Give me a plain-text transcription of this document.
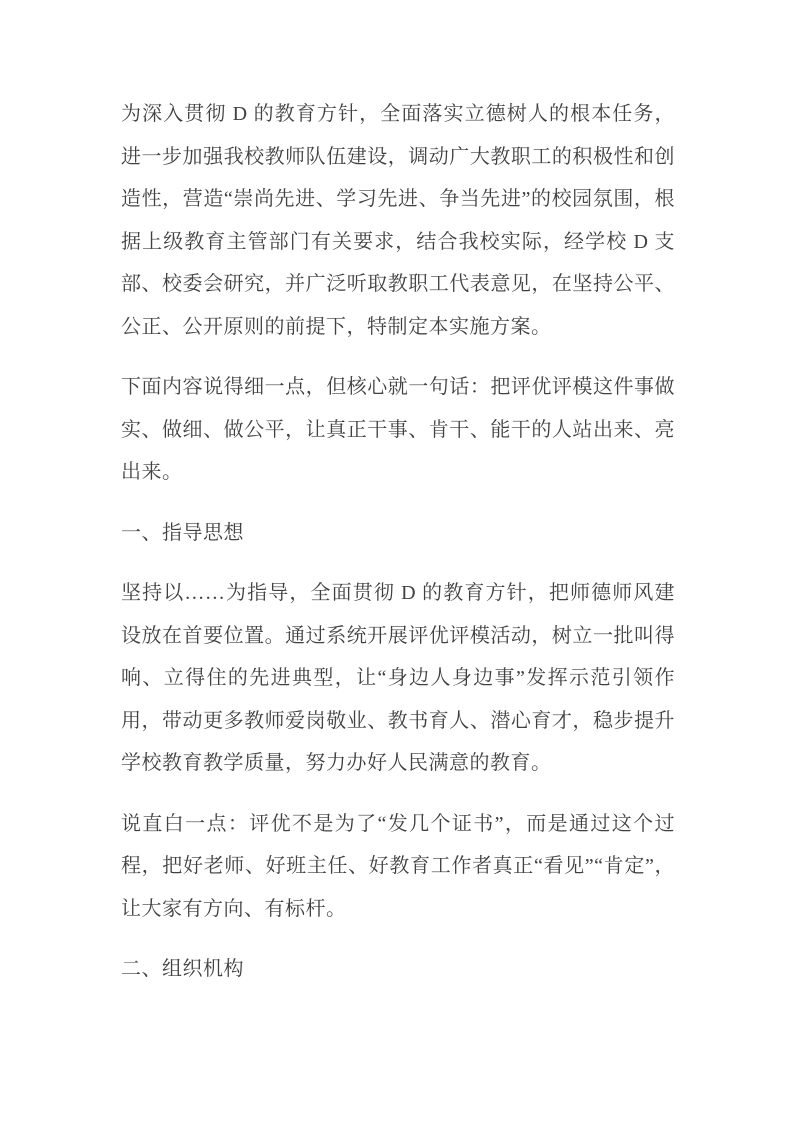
为深入贯彻 D 的教育方针，全面落实立德树人的根本任务，进一步加强我校教师队伍建设，调动广大教职工的积极性和创造性，营造“崇尚先进、学习先进、争当先进”的校园氛围，根据上级教育主管部门有关要求，结合我校实际，经学校 D 支部、校委会研究，并广泛听取教职工代表意见，在坚持公平、公正、公开原则的前提下，特制定本实施方案。

下面内容说得细一点，但核心就一句话：把评优评模这件事做实、做细、做公平，让真正干事、肯干、能干的人站出来、亮出来。

一、指导思想

坚持以……为指导，全面贯彻 D 的教育方针，把师德师风建设放在首要位置。通过系统开展评优评模活动，树立一批叫得响、立得住的先进典型，让“身边人身边事”发挥示范引领作用，带动更多教师爱岗敬业、教书育人、潜心育才，稳步提升学校教育教学质量，努力办好人民满意的教育。

说直白一点：评优不是为了“发几个证书”，而是通过这个过程，把好老师、好班主任、好教育工作者真正“看见”“肯定”，让大家有方向、有标杆。

二、组织机构
